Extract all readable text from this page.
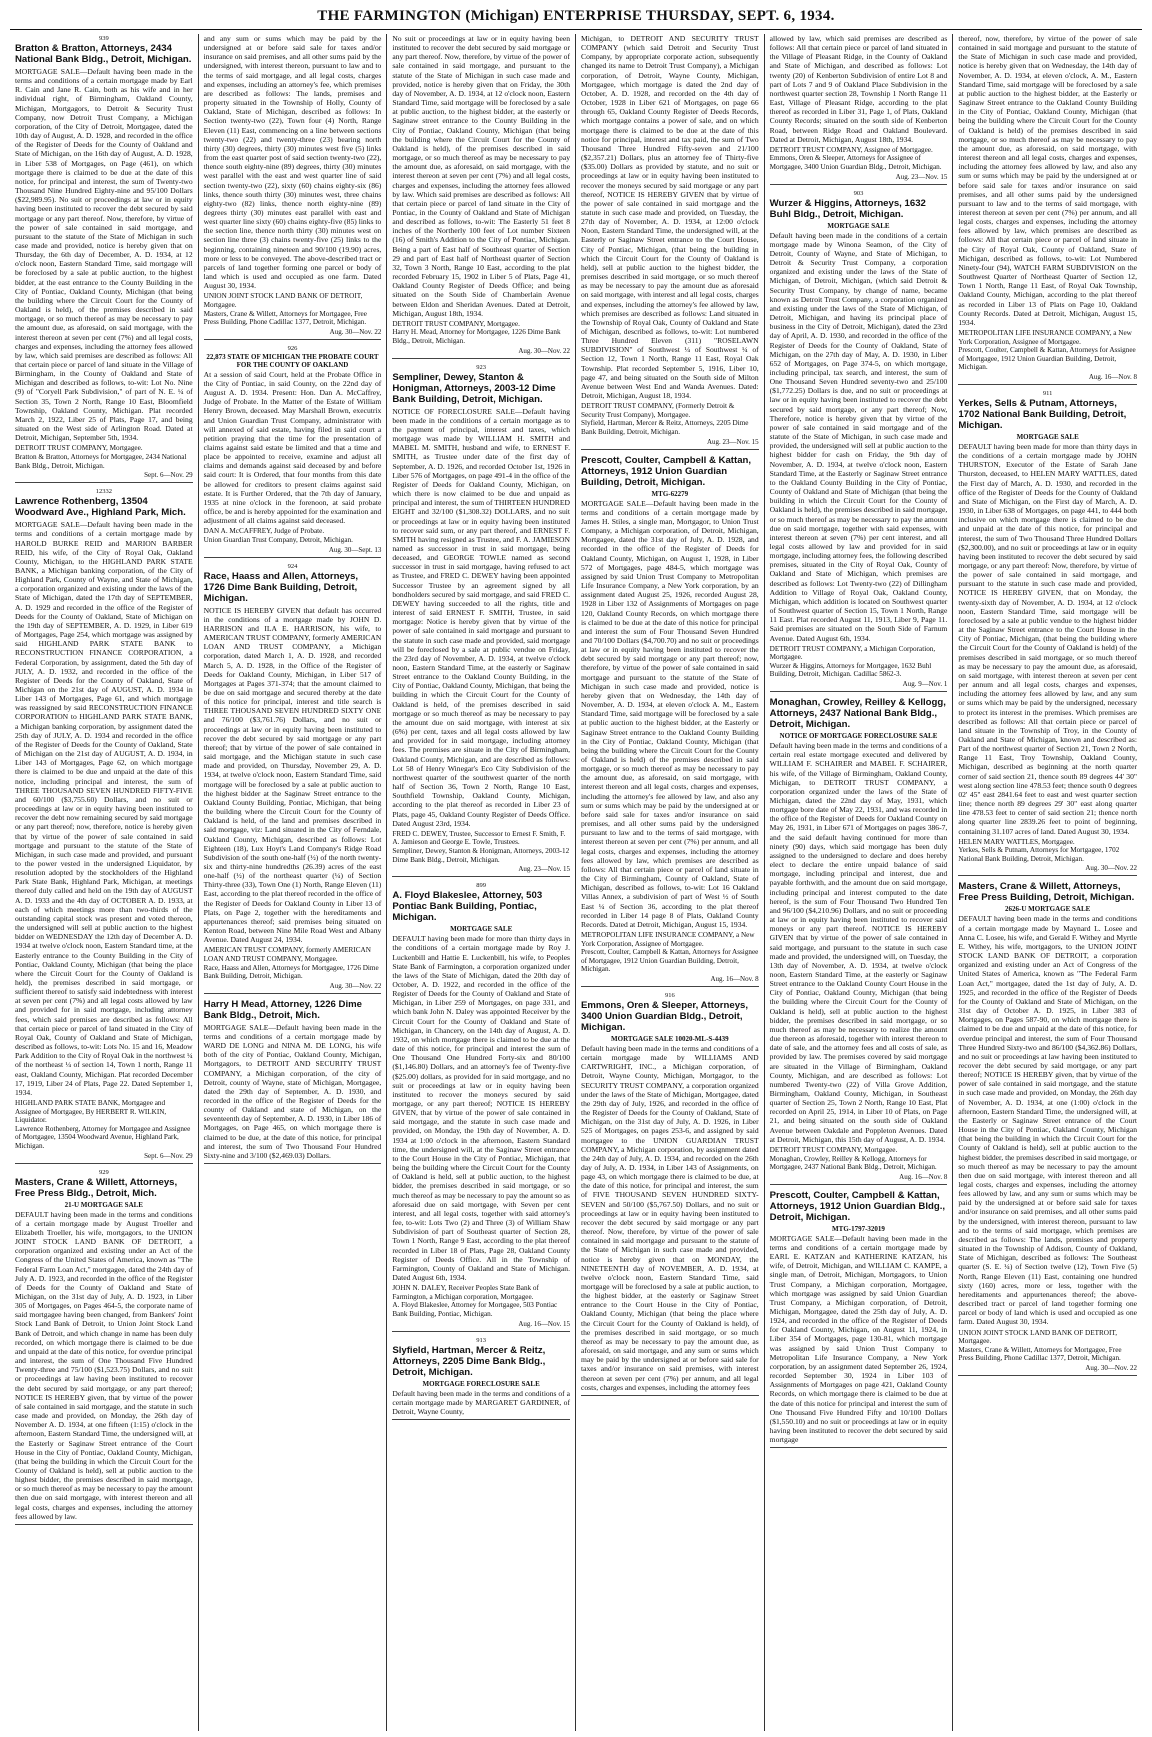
THE FARMINGTON (Michigan) ENTERPRISE THURSDAY, SEPT. 6, 1934.
939
Bratton & Bratton, Attorneys, 2434 National Bank Bldg., Detroit, Michigan.
MORTGAGE SALE—Default having been made in the terms and conditions of a certain mortgage made by Earl R. Cain and Jane R. Cain, both as his wife and in her individual right, of Birmingham, Oakland County, Michigan, Mortgagors, to Detroit & Security Trust Company, now Detroit Trust Company, a Michigan corporation, of the City of Detroit, Mortgagee, dated the 10th day of August, A. D. 1928, and recorded in the office of the Register of Deeds for the County of Oakland and State of Michigan, on the 16th day of August, A. D. 1928, in Liber 538 of Mortgages, on Page (461), on which mortgage there is claimed to be due at the date of this notice, for principal and interest, the sum of Twenty-two Thousand Nine Hundred Eighty-nine and 95/100 Dollars ($22,989.95). No suit or proceedings at law or in equity having been instituted to recover the debt secured by said mortgage or any part thereof. Now, therefore, by virtue of the power of sale contained in said mortgage, and pursuant to the statute of the State of Michigan in such case made and provided, notice is hereby given that on Thursday, the 6th day of December, A. D. 1934, at 12 o'clock noon, Eastern Standard Time, said mortgage will be foreclosed by a sale at public auction, to the highest bidder, at the east entrance to the County Building in the City of Pontiac, Oakland County, Michigan (that being the building where the Circuit Court for the County of Oakland is held), of the premises described in said mortgage, or so much thereof as may be necessary to pay the amount due, as aforesaid, on said mortgage, with the interest thereon at seven per cent (7%) and all legal costs, charges and expenses, including the attorney fees allowed by law, which said premises are described as follows: All that certain piece or parcel of land situate in the Village of Birmingham, in the County of Oakland and State of Michigan and described as follows, to-wit: Lot No. Nine (9) of "Coryell Park Subdivision," of part of N. E. ¼ of Section 35, Town 2 North, Range 10 East, Bloomfield Township, Oakland County, Michigan. Plat recorded March 2, 1922, Liber 25 of Plats, Page 17, and being situated on the West side of Arlington Road. Dated at Detroit, Michigan, September 5th, 1934.
DETROIT TRUST COMPANY, Mortgagee.
Bratton & Bratton, Attorneys for Mortgagee, 2434 National Bank Bldg., Detroit, Michigan.
Sept. 6—Nov. 29
12332
Lawrence Rothenberg, 13504 Woodward Ave., Highland Park, Mich.
MORTGAGE SALE—Default having been made in the terms and conditions of a certain mortgage made by HAROLD BURKE REID and MARION BARBER REID, his wife, of the City of Royal Oak, Oakland County, Michigan, to the HIGHLAND PARK STATE BANK, a Michigan banking corporation, of the City of Highland Park, County of Wayne, and State of Michigan, a corporation organized and existing under the laws of the State of Michigan, dated the 17th day of SEPTEMBER, A. D. 1929 and recorded in the office of the Register of Deeds for the County of Oakland, State of Michigan on the 19th day of SEPTEMBER, A. D. 1929, in Liber 619 of Mortgages, Page 254, which mortgage was assigned by said HIGHLAND PARK STATE BANK to RECONSTRUCTION FINANCE CORPORATION, a Federal Corporation, by assignment, dated the 5th day of JULY, A. D. 1932, and recorded in the office of the Register of Deeds for the County of Oakland, State of Michigan on the 21st day of AUGUST, A. D. 1934 in Liber 143 of Mortgages, Page 61, and which mortgage was reassigned by said RECONSTRUCTION FINANCE CORPORATION to HIGHLAND PARK STATE BANK, a Michigan banking corporation, by assignment dated the 25th day of JULY, A. D. 1934 and recorded in the office of the Register of Deeds for the County of Oakland, State of Michigan on the 21st day of AUGUST, A. D. 1934, in Liber 143 of Mortgages, Page 62, on which mortgage there is claimed to be due and unpaid at the date of this notice, including principal and interest, the sum of THREE THOUSAND SEVEN HUNDRED FIFTY-FIVE and 60/100 ($3,755.60) Dollars, and no suit or proceedings at law or in equity having been instituted to recover the debt now remaining secured by said mortgage or any part thereof; now, therefore, notice is hereby given that by virtue of the power of sale contained in said mortgage and pursuant to the statute of the State of Michigan, in such case made and provided, and pursuant to the power vested in the undersigned Liquidator, by resolution adopted by the stockholders of the Highland Park State Bank, Highland Park, Michigan, at meetings thereof duly called and held on the 19th day of AUGUST A. D. 1933 and the 4th day of OCTOBER A. D. 1933, at each of which meetings more than two-thirds of the outstanding capital stock was present and voted thereon, the undersigned will sell at public auction to the highest bidder on WEDNESDAY the 12th day of December A. D. 1934 at twelve o'clock noon, Eastern Standard time, at the Easterly entrance to the County Building in the City of Pontiac, Oakland County, Michigan (that being the place where the Circuit Court for the County of Oakland is held), the premises described in said mortgage, or sufficient thereof to satisfy said indebtedness with interest at seven per cent (7%) and all legal costs allowed by law and provided for in said mortgage, including attorney fees, which said premises are described as follows: All that certain piece or parcel of land situated in the City of Royal Oak, County of Oakland and State of Michigan, described as follows, to-wit: Lots No. 15 and 16, Meadow Park Addition to the City of Royal Oak in the northwest ¼ of the northeast ¼ of section 14, Town 1 north, Range 11 east, Oakland County, Michigan. Plat recorded December 17, 1919, Liber 24 of Plats, Page 22. Dated September 1, 1934.
HIGHLAND PARK STATE BANK, Mortgagee and Assignee of Mortgagee, By HERBERT R. WILKIN, Liquidator.
Lawrence Rothenberg, Attorney for Mortgagee and Assignee of Mortgagee, 13504 Woodward Avenue, Highland Park, Michigan.
Sept. 6—Nov. 29
929
Masters, Crane & Willett, Attorneys, Free Press Bldg., Detroit, Mich.
21-U MORTGAGE SALE
DEFAULT having been made in the terms and conditions of a certain mortgage made by August Troeller and Elizabeth Troeller, his wife, mortgagors, to the UNION JOINT STOCK LAND BANK OF DETROIT, a corporation organized and existing under an Act of the Congress of the United States of America, known as "The Federal Farm Loan Act," mortgagee, dated the 24th day of July A. D. 1923, and recorded in the office of the Register of Deeds for the County of Oakland and State of Michigan, on the 31st day of July, A. D. 1923, in Liber 305 of Mortgages, on Pages 464-5, the corporate name of said mortgagee having been changed, from Bankers' Joint Stock Land Bank of Detroit, to Union Joint Stock Land Bank of Detroit, and which change in name has been duly recorded, on which mortgage there is claimed to be due and unpaid at the date of this notice, for overdue principal and interest, the sum of One Thousand Five Hundred Twenty-three and 75/100 ($1,523.75) Dollars, and no suit or proceedings at law having been instituted to recover the debt secured by said mortgage, or any part thereof; NOTICE IS HEREBY given, that by virtue of the power of sale contained in said mortgage, and the statute in such case made and provided, on Monday, the 26th day of November A. D. 1934, at one fifteen (1:15) o'clock in the afternoon, Eastern Standard Time, the undersigned will, at the Easterly or Saginaw Street entrance of the Court House in the City of Pontiac, Oakland County, Michigan, (that being the building in which the Circuit Court for the County of Oakland is held), sell at public auction to the highest bidder, the premises described in said mortgage, or so much thereof as may be necessary to pay the amount then due on said mortgage, with interest thereon and all legal costs, charges and expenses, including the attorney fees allowed by law.
and any sum or sums which may be paid by the undersigned at or before said sale for taxes and/or insurance on said premises, and all other sums paid by the undersigned, with interest thereon, pursuant to law and to the terms of said mortgage, and all legal costs, charges and expenses, including an attorney's fee, which premises are described as follows: The lands, premises and property situated in the Township of Holly, County of Oakland, State of Michigan, described as follows: In Section twenty-two (22), Town four (4) North, Range Eleven (11) East, commencing on a line between sections twenty-two (22) and twenty-three (23) bearing north thirty (30) degrees, thirty (30) minutes west five (5) links from the east quarter post of said section twenty-two (22), thence south eighty-nine (89) degrees, thirty (30) minutes west parallel with the east and west quarter line of said section twenty-two (22), sixty (60) chains eighty-six (86) links, thence south thirty (30) minutes west, three chains eighty-two (82) links, thence north eighty-nine (89) degrees thirty (30) minutes east parallel with east and west quarter line sixty (60) chains eighty-five (85) links to the section line, thence north thirty (30) minutes west on section line three (3) chains twenty-five (25) links to the beginning, containing nineteen and 90/100 (19.90) acres, more or less to be conveyed. The above-described tract or parcels of land together forming one parcel or body of land which is used and occupied as one farm. Dated August 30, 1934.
UNION JOINT STOCK LAND BANK OF DETROIT, Mortgagee.
Masters, Crane & Willett, Attorneys for Mortgagee, Free Press Building, Phone Cadillac 1377, Detroit, Michigan.
Aug. 30—Nov. 22
926
22,873 STATE OF MICHIGAN THE PROBATE COURT FOR THE COUNTY OF OAKLAND
At a session of said Court, held at the Probate Office in the City of Pontiac, in said County, on the 22nd day of August A. D. 1934. Present: Hon. Dan A. McCaffrey, Judge of Probate. In the Matter of the Estate of William Henry Brown, deceased. May Marshall Brown, executrix and Union Guardian Trust Company, administrator with will annexed of said estate, having filed in said court a petition praying that the time for the presentation of claims against said estate be limited and that a time and place be appointed to receive, examine and adjust all claims and demands against said deceased by and before said court: It is Ordered, that four months from this date be allowed for creditors to present claims against said estate. It is Further Ordered, that the 7th day of January, 1935 at nine o'clock in the forenoon, at said probate office, be and is hereby appointed for the examination and adjustment of all claims against said deceased.
DAN A. McCAFFREY, Judge of Probate.
Union Guardian Trust Company, Detroit, Michigan.
Aug. 30—Sept. 13
924
Race, Haass and Allen, Attorneys, 1726 Dime Bank Building, Detroit, Michigan.
NOTICE IS HEREBY GIVEN that default has occurred in the conditions of a mortgage made by JOHN D. HARRISON and ILA E. HARRISON, his wife, to AMERICAN TRUST COMPANY, formerly AMERICAN LOAN AND TRUST COMPANY, a Michigan corporation, dated March 1, A. D. 1928, and recorded March 5, A. D. 1928, in the Office of the Register of Deeds for Oakland County, Michigan, in Liber 517 of Mortgages at Pages 371-374; that the amount claimed to be due on said mortgage and secured thereby at the date of this notice for principal, interest and title search is THREE THOUSAND SEVEN HUNDRED SIXTY ONE and 76/100 ($3,761.76) Dollars, and no suit or proceedings at law or in equity having been instituted to recover the debt secured by said mortgage or any part thereof; that by virtue of the power of sale contained in said mortgage, and the Michigan statute in such case made and provided, on Thursday, November 29, A. D. 1934, at twelve o'clock noon, Eastern Standard Time, said mortgage will be foreclosed by a sale at public auction to the highest bidder at the Saginaw Street entrance to the Oakland County Building, Pontiac, Michigan, that being the building where the Circuit Court for the County of Oakland is held, of the land and premises described in said mortgage, viz: Land situated in the City of Ferndale, Oakland County, Michigan, described as follows: Lot Eighteen (18), Lux Hoyt's Land Company's Ridge Road Subdivision of the south one-half (½) of the north twenty-six and thirty-nine hundredths (26.39) acres of the east one-half (½) of the northeast quarter (¼) of Section Thirty-three (33), Town One (1) North, Range Eleven (11) East, according to the plat thereof recorded in the office of the Register of Deeds for Oakland County in Liber 13 of Plats, on Page 2, together with the hereditaments and appurtenances thereof; said premises being situated on Kenton Road, between Nine Mile Road West and Albany Avenue. Dated August 24, 1934.
AMERICAN TRUST COMPANY, formerly AMERICAN LOAN AND TRUST COMPANY, Mortgagee.
Race, Haass and Allen, Attorneys for Mortgagee, 1726 Dime Bank Building, Detroit, Michigan.
Aug. 30—Nov. 22
Harry H Mead, Attorney, 1226 Dime Bank Bldg., Detroit, Mich.
MORTGAGE SALE—Default having been made in the terms and conditions of a certain mortgage made by WARD DE LONG and NINA M. DE LONG, his wife both of the city of Pontiac, Oakland County, Michigan, Mortgagors, to DETROIT AND SECURITY TRUST COMPANY, a Michigan corporation, of the city of Detroit, county of Wayne, state of Michigan, Mortgagee, dated the 29th day of September, A. D. 1930, and recorded in the office of the Register of Deeds for the county of Oakland and state of Michigan, on the seventeenth day of September, A. D. 1930, in Liber 186 of Mortgages, on Page 465, on which mortgage there is claimed to be due, at the date of this notice, for principal and interest, the sum of Two Thousand Four Hundred Sixty-nine and 3/100 ($2,469.03) Dollars.
No suit or proceedings at law or in equity having been instituted to recover the debt secured by said mortgage or any part thereof. Now, therefore, by virtue of the power of sale contained in said mortgage, and pursuant to the statute of the State of Michigan in such case made and provided, notice is hereby given that on Friday, the 30th day of November, A. D. 1934, at 12 o'clock noon, Eastern Standard Time, said mortgage will be foreclosed by a sale at public auction, to the highest bidder, at the easterly or Saginaw street entrance to the County Building in the City of Pontiac, Oakland County, Michigan (that being the building where the Circuit Court for the County of Oakland is held), of the premises described in said mortgage, or so much thereof as may be necessary to pay the amount due, as aforesaid, on said mortgage, with the interest thereon at seven per cent (7%) and all legal costs, charges and expenses, including the attorney fees allowed by law. Which said premises are described as follows: All that certain piece or parcel of land situate in the City of Pontiac, in the County of Oakland and State of Michigan and described as follows, to-wit: The Easterly 51 feet 8 inches of the Northerly 100 feet of Lot number Sixteen (16) of Smith's Addition to the City of Pontiac, Michigan. Being a part of East half of Southeast quarter of Section 29 and part of East half of Northeast quarter of Section 32, Town 3 North, Range 10 East, according to the plat recorded February 15, 1902 in Liber 5 of Plats, Page 41, Oakland County Register of Deeds Office; and being situated on the South Side of Chamberlain Avenue between Eldon and Sheridan Avenues. Dated at Detroit, Michigan, August 18th, 1934.
DETROIT TRUST COMPANY, Mortgagee.
Harry H. Mead, Attorney for Mortgagee, 1226 Dime Bank Bldg., Detroit, Michigan.
Aug. 30—Nov. 22
923
Sempliner, Dewey, Stanton & Honigman, Attorneys, 2003-12 Dime Bank Building, Detroit, Michigan.
NOTICE OF FORECLOSURE SALE—Default having been made in the conditions of a certain mortgage as to the payment of principal, interest and taxes, which mortgage was made by WILLIAM H. SMITH and MABEL M. SMITH, husband and wife, to ERNEST F. SMITH, as Trustee under date of the first day of September, A. D. 1926, and recorded October 1st, 1926 in Liber 576 of Mortgages, on page 491-4 in the office of the Register of Deeds for Oakland County, Michigan, on which there is now claimed to be due and unpaid as principal and interest, the sum of THIRTEEN HUNDRED EIGHT and 32/100 ($1,308.32) DOLLARS, and no suit or proceedings at law or in equity having been instituted to recover said sum, or any part thereof, and ERNEST F. SMITH having resigned as Trustee, and F. A. JAMIESON named as successor in trust in said mortgage, being deceased, and GEORGE TOWLE named as second successor in trust in said mortgage, having refused to act as Trustee, and FRED C. DEWEY having been appointed Successor Trustee by an agreement signed by all bondholders secured by said mortgage, and said FRED C. DEWEY having succeeded to all the rights, title and interest of said ERNEST F. SMITH, Trustee, in said mortgage: Notice is hereby given that by virtue of the power of sale contained in said mortgage and pursuant to the statute in such case made and provided, said mortgage will be foreclosed by a sale at public vendue on Friday, the 23rd day of November, A. D. 1934, at twelve o'clock noon, Eastern Standard Time, at the easterly or Saginaw Street entrance to the Oakland County Building, in the City of Pontiac, Oakland County, Michigan, that being the building in which the Circuit Court for the County of Oakland is held, of the premises described in said mortgage or so much thereof as may be necessary to pay the amount due on said mortgage, with interest at six (6%) per cent, taxes and all legal costs allowed by law and provided for in said mortgage, including attorney fees. The premises are situate in the City of Birmingham, Oakland County, Michigan, and are described as follows: Lot 58 of Henry Winegar's Eco City Subdivision of the northwest quarter of the southwest quarter of the north half of Section 36, Town 2 North, Range 10 East, Southfield Township, Oakland County, Michigan, according to the plat thereof as recorded in Liber 23 of Plats, page 45, Oakland County Register of Deeds Office. Dated August 23rd, 1934.
FRED C. DEWEY, Trustee, Successor to Ernest F. Smith, F. A. Jamieson and George E. Towle, Trustees.
Sempliner, Dewey, Stanton & Honigman, Attorneys, 2003-12 Dime Bank Bldg., Detroit, Michigan.
Aug. 23—Nov. 15
899
A. Floyd Blakeslee, Attorney, 503 Pontiac Bank Building, Pontiac, Michigan.
MORTGAGE SALE
DEFAULT having been made for more than thirty days in the conditions of a certain mortgage made by Roy J. Luckenbill and Hattie E. Luckenbill, his wife, to Peoples State Bank of Farmington, a corporation organized under the laws of the State of Michigan, dated the 20th day of October, A. D. 1922, and recorded in the office of the Register of Deeds for the County of Oakland and State of Michigan, in Liber 259 of Mortgages, on page 331, and which bank John N. Daley was appointed Receiver by the Circuit Court for the County of Oakland and State of Michigan, in Chancery, on the 14th day of August, A. D. 1932, on which mortgage there is claimed to be due at the date of this notice, for principal and interest the sum of One Thousand One Hundred Forty-six and 80/100 ($1,146.80) Dollars, and an attorney's fee of Twenty-five ($25.00) dollars, as provided for in said mortgage, and no suit or proceedings at law or in equity having been instituted to recover the moneys secured by said mortgage, or any part thereof; NOTICE IS HEREBY GIVEN, that by virtue of the power of sale contained in said mortgage, and the statute in such case made and provided, on Monday, the 19th day of November, A. D. 1934 at 1:00 o'clock in the afternoon, Eastern Standard time, the undersigned will, at the Saginaw Street entrance to the Court House in the City of Pontiac, Michigan, that being the building where the Circuit Court for the County of Oakland is held, sell at public auction, to the highest bidder, the premises described in said mortgage, or so much thereof as may be necessary to pay the amount so as aforesaid due on said mortgage, with Seven per cent interest, and all legal costs, together with said attorney's fee, to-wit: Lots Two (2) and Three (3) of William Shaw Subdivision of part of Southeast quarter of Section 28, Town 1 North, Range 9 East, according to the plat thereof recorded in Liber 18 of Plats, Page 28, Oakland County Register of Deeds Office. All in the Township of Farmington, County of Oakland and State of Michigan. Dated August 6th, 1934.
JOHN N. DALEY, Receiver Peoples State Bank of Farmington, a Michigan corporation, Mortgagee.
A. Floyd Blakeslee, Attorney for Mortgagee, 503 Pontiac Bank Building, Pontiac, Michigan.
Aug. 16—Nov. 15
913
Slyfield, Hartman, Mercer & Reitz, Attorneys, 2205 Dime Bank Bldg., Detroit, Michigan.
MORTGAGE FORECLOSURE SALE
Default having been made in the terms and conditions of a certain mortgage made by MARGARET GARDINER, of Detroit, Wayne County,
Michigan, to DETROIT AND SECURITY TRUST COMPANY (which said Detroit and Security Trust Company, by appropriate corporate action, subsequently changed its name to Detroit Trust Company), a Michigan corporation, of Detroit, Wayne County, Michigan, Mortgagee, which mortgage is dated the 2nd day of October, A. D. 1928, and recorded on the 4th day of October, 1928 in Liber 621 of Mortgages, on page 66 through 65, Oakland County Register of Deeds Records, which mortgage contains a power of sale, and on which mortgage there is claimed to be due at the date of this notice for principal, interest and tax paid, the sum of Two Thousand Three Hundred Fifty-seven and 21/100 ($2,357.21) Dollars, plus an attorney fee of Thirty-five ($35.00) Dollars as provided by statute, and no suit or proceedings at law or in equity having been instituted to recover the moneys secured by said mortgage or any part thereof, NOTICE IS HEREBY GIVEN that by virtue of the power of sale contained in said mortgage and the statute in such case made and provided, on Tuesday, the 27th day of November, A. D. 1934, at 12:00 o'clock Noon, Eastern Standard Time, the undersigned will, at the Easterly or Saginaw Street entrance to the Court House, City of Pontiac, Michigan, (that being the building in which the Circuit Court for the County of Oakland is held), sell at public auction to the highest bidder, the premises described in said mortgage, or so much thereof as may be necessary to pay the amount due as aforesaid on said mortgage, with interest and all legal costs, charges and expenses, including the attorney's fee allowed by law, which premises are described as follows: Land situated in the Township of Royal Oak, County of Oakland and State of Michigan, described as follows, to-wit: Lot numbered Three Hundred Eleven (311) "ROSELAWN SUBDIVISION" of Southwest ¼ of Southwest ¼ of Section 12, Town 1 North, Range 11 East, Royal Oak Township. Plat recorded September 5, 1916, Liber 10, page 47, and being situated on the South side of Milton Avenue between West End and Wanda Avenues. Dated: Detroit, Michigan, August 18, 1934.
DETROIT TRUST COMPANY, (Formerly Detroit & Security Trust Company), Mortgagee.
Slyfield, Hartman, Mercer & Reitz, Attorneys, 2205 Dime Bank Building, Detroit, Michigan.
Aug. 23—Nov. 15
Prescott, Coulter, Campbell & Kattan, Attorneys, 1912 Union Guardian Building, Detroit, Michigan.
MTG-62279
MORTGAGE SALE—Default having been made in the terms and conditions of a certain mortgage made by James H. Stiles, a single man, Mortgagor, to Union Trust Company, a Michigan corporation, of Detroit, Michigan, Mortgagee, dated the 31st day of July, A. D. 1928, and recorded in the office of the Register of Deeds for Oakland County, Michigan, on August 1, 1928, in Liber 572 of Mortgages, page 484-5, which mortgage was assigned by said Union Trust Company to Metropolitan Life Insurance Company, a New York corporation, by an assignment dated August 25, 1926, recorded August 28, 1928 in Liber 132 of Assignments of Mortgages on page 120, Oakland County Records, on which mortgage there is claimed to be due at the date of this notice for principal and interest the sum of Four Thousand Seven Hundred and 70/100 Dollars ($4,700.70) and no suit or proceedings at law or in equity having been instituted to recover the debt secured by said mortgage or any part thereof; now, therefore, by virtue of the power of sale contained in said mortgage and pursuant to the statute of the State of Michigan in such case made and provided, notice is hereby given that on Wednesday, the 14th day of November, A. D. 1934, at eleven o'clock A. M., Eastern Standard Time, said mortgage will be foreclosed by a sale at public auction to the highest bidder, at the Easterly or Saginaw Street entrance to the Oakland County Building in the City of Pontiac, Oakland County, Michigan (that being the building where the Circuit Court for the County of Oakland is held) of the premises described in said mortgage, or so much thereof as may be necessary to pay the amount due, as aforesaid, on said mortgage, with interest thereon and all legal costs, charges and expenses, including the attorney's fee allowed by law, and also any sum or sums which may be paid by the undersigned at or before said sale for taxes and/or insurance on said premises, and all other sums paid by the undersigned pursuant to law and to the terms of said mortgage, with interest thereon at seven per cent (7%) per annum, and all legal costs, charges and expenses, including the attorney fees allowed by law, which premises are described as follows: All that certain piece or parcel of land situate in the City of Birmingham, County of Oakland, State of Michigan, described as follows, to-wit: Lot 16 Oakland Villas Annex, a subdivision of part of West ½ of South East ¼ of Section 36, according to the plat thereof recorded in Liber 14 page 8 of Plats, Oakland County Records. Dated at Detroit, Michigan, August 15, 1934.
METROPOLITAN LIFE INSURANCE COMPANY, a New York Corporation, Assignee of Mortgagee.
Prescott, Coulter, Campbell & Kattan, Attorneys for Assignee of Mortgagee, 1912 Union Guardian Building, Detroit, Michigan.
Aug. 16—Nov. 8
916
Emmons, Oren & Sleeper, Attorneys, 3400 Union Guardian Bldg., Detroit, Michigan.
MORTGAGE SALE 10020-ML-S-4439
Default having been made in the terms and conditions of a certain mortgage made by WILLIAMS AND CARTWRIGHT, INC., a Michigan corporation, of Detroit, Wayne County, Michigan, Mortgagor, to the SECURITY TRUST COMPANY, a corporation organized under the laws of the State of Michigan, Mortgagee, dated the 29th day of July, 1926, and recorded in the office of the Register of Deeds for the County of Oakland, State of Michigan, on the 31st day of July, A. D. 1926, in Liber 525 of Mortgages, on pages 253-6, and assigned by said mortgagee to the UNION GUARDIAN TRUST COMPANY, a Michigan corporation, by assignment dated the 24th day of July, A. D. 1934, and recorded on the 26th day of July, A. D. 1934, in Liber 143 of Assignments, on page 43, on which mortgage there is claimed to be due, at the date of this notice, for principal and interest, the sum of FIVE THOUSAND SEVEN HUNDRED SIXTY-SEVEN and 50/100 ($5,767.50) Dollars, and no suit or proceedings at law or in equity having been instituted to recover the debt secured by said mortgage or any part thereof. Now, therefore, by virtue of the power of sale contained in said mortgage and pursuant to the statute of the State of Michigan in such case made and provided, notice is hereby given that on MONDAY, the NINETEENTH day of NOVEMBER, A. D. 1934, at twelve o'clock noon, Eastern Standard Time, said mortgage will be foreclosed by a sale at public auction, to the highest bidder, at the easterly or Saginaw Street entrance to the Court House in the City of Pontiac, Oakland County, Michigan (that being the place where the Circuit Court for the County of Oakland is held), of the premises described in said mortgage, or so much thereof as may be necessary to pay the amount due, as aforesaid, on said mortgage, and any sum or sums which may be paid by the undersigned at or before said sale for taxes and/or insurance on said premises, with interest thereon at seven per cent (7%) per annum, and all legal costs, charges and expenses, including the attorney fees
allowed by law, which said premises are described as follows: All that certain piece or parcel of land situated in the Village of Pleasant Ridge, in the County of Oakland and State of Michigan, and described as follows: Lot twenty (20) of Kenberton Subdivision of entire Lot 8 and part of Lots 7 and 9 of Oakland Place Subdivision in the northwest quarter section 28, Township 1 North Range 11 East, Village of Pleasant Ridge, according to the plat thereof as recorded in Liber 31, Page 1, of Plats, Oakland County Records; situated on the south side of Kenberton Road, between Ridge Road and Oakland Boulevard. Dated at Detroit, Michigan, August 18th, 1934.
DETROIT TRUST COMPANY, Assignee of Mortgagee.
Emmons, Oren & Sleeper, Attorneys for Assignee of Mortgagee, 3400 Union Guardian Bldg., Detroit, Michigan.
Aug. 23—Nov. 15
903
Wurzer & Higgins, Attorneys, 1632 Buhl Bldg., Detroit, Michigan.
MORTGAGE SALE
Default having been made in the conditions of a certain mortgage made by Winona Seamon, of the City of Detroit, County of Wayne, and State of Michigan, to Detroit & Security Trust Company, a corporation organized and existing under the laws of the State of Michigan, of Detroit, Michigan, (which said Detroit & Security Trust Company, by change of name, became known as Detroit Trust Company, a corporation organized and existing under the laws of the State of Michigan, of Detroit, Michigan, and having its principal place of business in the City of Detroit, Michigan), dated the 23rd day of April, A. D. 1930, and recorded in the office of the Register of Deeds for the County of Oakland, State of Michigan, on the 27th day of May, A. D. 1930, in Liber 652 of Mortgages, on Page 374-5, on which mortgage, including principal, tax search, and interest, the sum of One Thousand Seven Hundred seventy-two and 25/100 ($1,772.25) Dollars is due, and no suit or proceedings at law or in equity having been instituted to recover the debt secured by said mortgage, or any part thereof; Now, Therefore, notice is hereby given that by virtue of the power of sale contained in said mortgage and of the statute of the State of Michigan, in such case made and provided, the undersigned will sell at public auction to the highest bidder for cash on Friday, the 9th day of November, A. D. 1934, at twelve o'clock noon, Eastern Standard Time, at the Easterly or Saginaw Street entrance to the Oakland County Building in the City of Pontiac, County of Oakland and State of Michigan (that being the building in which the Circuit Court for the County of Oakland is held), the premises described in said mortgage, or so much thereof as may be necessary to pay the amount due on said mortgage, together with said expenses, with interest thereon at seven (7%) per cent interest, and all legal costs allowed by law and provided for in said mortgage, including attorney fees, the following described premises, situated in the City of Royal Oak, County of Oakland and State of Michigan, which premises are described as follows: Lot Twenty-two (22) of Dillingham Addition to Village of Royal Oak, Oakland County, Michigan, which addition is located on Southwest quarter of Southwest quarter of Section 15, Town 1 North, Range 11 East. Plat recorded August 11, 1913, Liber 9, Page 11. Said premises are situated on the South Side of Farnum Avenue. Dated August 6th, 1934.
DETROIT TRUST COMPANY, a Michigan Corporation, Mortgagee.
Wurzer & Higgins, Attorneys for Mortgagee, 1632 Buhl Building, Detroit, Michigan. Cadillac 5862-3.
Aug. 9—Nov. 1
Monaghan, Crowley, Reilley & Kellogg, Attorneys, 2437 National Bank Bldg., Detroit, Michigan.
NOTICE OF MORTGAGE FORECLOSURE SALE
Default having been made in the terms and conditions of a certain real estate mortgage executed and delivered by WILLIAM F. SCHAIRER and MABEL F. SCHAIRER, his wife, of the Village of Birmingham, Oakland County, Michigan, to DETROIT TRUST COMPANY, a corporation organized under the laws of the State of Michigan, dated the 22nd day of May, 1931, which mortgage bore date of May 22, 1931, and was recorded in the office of the Register of Deeds for Oakland County on May 26, 1931, in Liber 671 of Mortgages on pages 386-7, and the said default having continued for more than ninety (90) days, which said mortgage has been duly assigned to the undersigned to declare and does hereby elect to declare the entire unpaid balance of said mortgage, including principal and interest, due and payable forthwith, and the amount due on said mortgage, including principal and interest computed to the date hereof, is the sum of Four Thousand Two Hundred Ten and 96/100 ($4,210.96) Dollars, and no suit or proceeding at law or in equity having been instituted to recover said moneys or any part thereof. NOTICE IS HEREBY GIVEN that by virtue of the power of sale contained in said mortgage, and pursuant to the statute in such case made and provided, the undersigned will, on Tuesday, the 13th day of November, A. D. 1934, at twelve o'clock noon, Eastern Standard Time, at the easterly or Saginaw Street entrance to the Oakland County Court House in the City of Pontiac, Oakland County, Michigan (that being the building where the Circuit Court for the County of Oakland is held), sell at public auction to the highest bidder, the premises described in said mortgage, or so much thereof as may be necessary to realize the amount due thereon as aforesaid, together with interest thereon to date of sale, and the attorney fees and all costs of sale, as provided by law. The premises covered by said mortgage are situated in the Village of Birmingham, Oakland County, Michigan, and are described as follows: Lot numbered Twenty-two (22) of Villa Grove Addition, Birmingham, Oakland County, Michigan, in Southeast quarter of Section 25, Town 2 North, Range 10 East, Plat recorded on April 25, 1914, in Liber 10 of Plats, on Page 21, and being situated on the south side of Oakland Avenue between Oakdale and Poppleton Avenues. Dated at Detroit, Michigan, this 15th day of August, A. D. 1934.
DETROIT TRUST COMPANY, Mortgagee.
Monaghan, Crowley, Reilley & Kellogg, Attorneys for Mortgagee, 2437 National Bank Bldg., Detroit, Michigan.
Aug. 16—Nov. 8
Prescott, Coulter, Campbell & Kattan, Attorneys, 1912 Union Guardian Bldg., Detroit, Michigan.
MTG-1797-32019
MORTGAGE SALE—Default having been made in the terms and conditions of a certain mortgage made by EARL E. KATZAN and KATHERINE KATZAN, his wife, of Detroit, Michigan, and WILLIAM C. KAMPE, a single man, of Detroit, Michigan, Mortgagors, to Union Trust Company, a Michigan corporation, Mortgagee, which mortgage was assigned by said Union Guardian Trust Company, a Michigan corporation, of Detroit, Michigan, Mortgagee, dated the 25th day of July, A. D. 1924, and recorded in the office of the Register of Deeds for Oakland County, Michigan, on August 11, 1924, in Liber 354 of Mortgages, page 130-81, which mortgage was assigned by said Union Trust Company to Metropolitan Life Insurance Company, a New York corporation, by an assignment dated September 26, 1924, recorded September 30, 1924 in Liber 103 of Assignments of Mortgages on page 421, Oakland County Records, on which mortgage there is claimed to be due at the date of this notice for principal and interest the sum of One Thousand Five Hundred Fifty and 10/100 Dollars ($1,550.10) and no suit or proceedings at law or in equity having been instituted to recover the debt secured by said mortgage
thereof, now, therefore, by virtue of the power of sale contained in said mortgage and pursuant to the statute of the State of Michigan in such case made and provided, notice is hereby given that on Wednesday, the 14th day of November, A. D. 1934, at eleven o'clock, A. M., Eastern Standard Time, said mortgage will be foreclosed by a sale at public auction to the highest bidder, at the Easterly or Saginaw Street entrance to the Oakland County Building in the City of Pontiac, Oakland County, Michigan (that being the building where the Circuit Court for the County of Oakland is held) of the premises described in said mortgage, or so much thereof as may be necessary to pay the amount due, as aforesaid, on said mortgage, with interest thereon and all legal costs, charges and expenses, including the attorney fees allowed by law, and also any sum or sums which may be paid by the undersigned at or before said sale for taxes and/or insurance on said premises, and all other sums paid by the undersigned pursuant to law and to the terms of said mortgage, with interest thereon at seven per cent (7%) per annum, and all legal costs, charges and expenses, including the attorney fees allowed by law, which premises are described as follows: All that certain piece or parcel of land situate in the City of Royal Oak, County of Oakland, State of Michigan, described as follows, to-wit: Lot Numbered Ninety-four (94), WATCH FARM SUBDIVISION on the Southwest Quarter of Northeast Quarter of Section 12, Town 1 North, Range 11 East, of Royal Oak Township, Oakland County, Michigan, according to the plat thereof as recorded in Liber 13 of Plats on Page 10, Oakland County Records. Dated at Detroit, Michigan, August 15, 1934.
METROPOLITAN LIFE INSURANCE COMPANY, a New York Corporation, Assignee of Mortgagee.
Prescott, Coulter, Campbell & Kattan, Attorneys for Assignee of Mortgagee, 1912 Union Guardian Building, Detroit, Michigan.
Aug. 16—Nov. 8
911
Yerkes, Sells & Putnam, Attorneys, 1702 National Bank Building, Detroit, Michigan.
MORTGAGE SALE
DEFAULT having been made for more than thirty days in the conditions of a certain mortgage made by JOHN THURSTON, Executor of the Estate of Sarah Jane Thurston, deceased, to HELEN MARY WATTLES, dated the First day of March, A. D. 1930, and recorded in the office of the Register of Deeds for the County of Oakland and State of Michigan, on the First day of March, A. D. 1930, in Liber 638 of Mortgages, on page 441, to 444 both inclusive on which mortgage there is claimed to be due and unpaid at the date of this notice, for principal and interest, the sum of Two Thousand Three Hundred Dollars ($2,300.00), and no suit or proceedings at law or in equity having been instituted to recover the debt secured by said mortgage, or any part thereof: Now, therefore, by virtue of the power of sale contained in said mortgage, and pursuant to the statute in such case made and provided, NOTICE IS HEREBY GIVEN, that on Monday, the twenty-sixth day of November, A. D. 1934, at 12 o'clock noon, Eastern Standard Time, said mortgage will be foreclosed by a sale at public vendue to the highest bidder at the Saginaw Street entrance to the Court House in the City of Pontiac, Michigan, (that being the building where the Circuit Court for the County of Oakland is held) of the premises described in said mortgage, or so much thereof as may be necessary to pay the amount due, as aforesaid, on said mortgage, with interest thereon at seven per cent per annum and all legal costs, charges and expenses, including the attorney fees allowed by law, and any sum or sums which may be paid by the undersigned, necessary to protect its interest in the premises. Which premises are described as follows: All that certain piece or parcel of land situate in the Township of Troy, in the County of Oakland and State of Michigan, known and described as: Part of the northwest quarter of Section 21, Town 2 North, Range 11 East, Troy Township, Oakland County, Michigan, described as beginning at the north quarter corner of said section 21, thence south 89 degrees 44' 30" west along section line 478.53 feet; thence south 0 degrees 02' 45" east 2841.64 feet to east and west quarter section line; thence north 89 degrees 29' 30" east along quarter line 478.53 feet to center of said section 21; thence north along quarter line 2839.26 feet to point of beginning, containing 31.107 acres of land. Dated August 30, 1934.
HELEN MARY WATTLES, Mortgagee.
Yerkes, Sells & Putnam, Attorneys for Mortgagee, 1702 National Bank Building, Detroit, Michigan.
Aug. 30—Nov. 22
Masters, Crane & Willett, Attorneys, Free Press Building, Detroit, Michigan.
2626-U MORTGAGE SALE
DEFAULT having been made in the terms and conditions of a certain mortgage made by Maynard L. Losee and Anna C. Losee, his wife, and Gerald F. Withey and Myrtle E. Withey, his wife, mortgagors, to the UNION JOINT STOCK LAND BANK OF DETROIT, a corporation organized and existing under an Act of Congress of the United States of America, known as "The Federal Farm Loan Act," mortgagee, dated the 1st day of July, A. D. 1925, and recorded in the office of the Register of Deeds for the County of Oakland and State of Michigan, on the 31st day of October A. D. 1925, in Liber 383 of Mortgages, on Pages 587-90, on which mortgage there is claimed to be due and unpaid at the date of this notice, for overdue principal and interest, the sum of Four Thousand Three Hundred Sixty-two and 86/100 ($4,362.86) Dollars, and no suit or proceedings at law having been instituted to recover the debt secured by said mortgage, or any part thereof; NOTICE IS HEREBY given, that by virtue of the power of sale contained in said mortgage, and the statute in such case made and provided, on Monday, the 26th day of November, A. D. 1934, at one (1:00) o'clock in the afternoon, Eastern Standard Time, the undersigned will, at the Easterly or Saginaw Street entrance of the Court House in the City of Pontiac, Oakland County, Michigan (that being the building in which the Circuit Court for the County of Oakland is held), sell at public auction to the highest bidder, the premises described in said mortgage, or so much thereof as may be necessary to pay the amount then due on said mortgage, with interest thereon and all legal costs, charges and expenses, including the attorney fees allowed by law, and any sum or sums which may be paid by the undersigned at or before said sale for taxes and/or insurance on said premises, and all other sums paid by the undersigned, with interest thereon, pursuant to law and to the terms of said mortgage, which premises are described as follows: The lands, premises and property situated in the Township of Addison, County of Oakland, State of Michigan, described as follows: The Southeast quarter (S. E. ¼) of Section twelve (12), Town Five (5) North, Range Eleven (11) East, containing one hundred sixty (160) acres, more or less, together with the hereditaments and appurtenances thereof; the above-described tract or parcel of land together forming one parcel or body of land which is used and occupied as one farm. Dated August 30, 1934.
UNION JOINT STOCK LAND BANK OF DETROIT, Mortgagee.
Masters, Crane & Willett, Attorneys for Mortgagee, Free Press Building, Phone Cadillac 1377, Detroit, Michigan.
Aug. 30—Nov. 22
